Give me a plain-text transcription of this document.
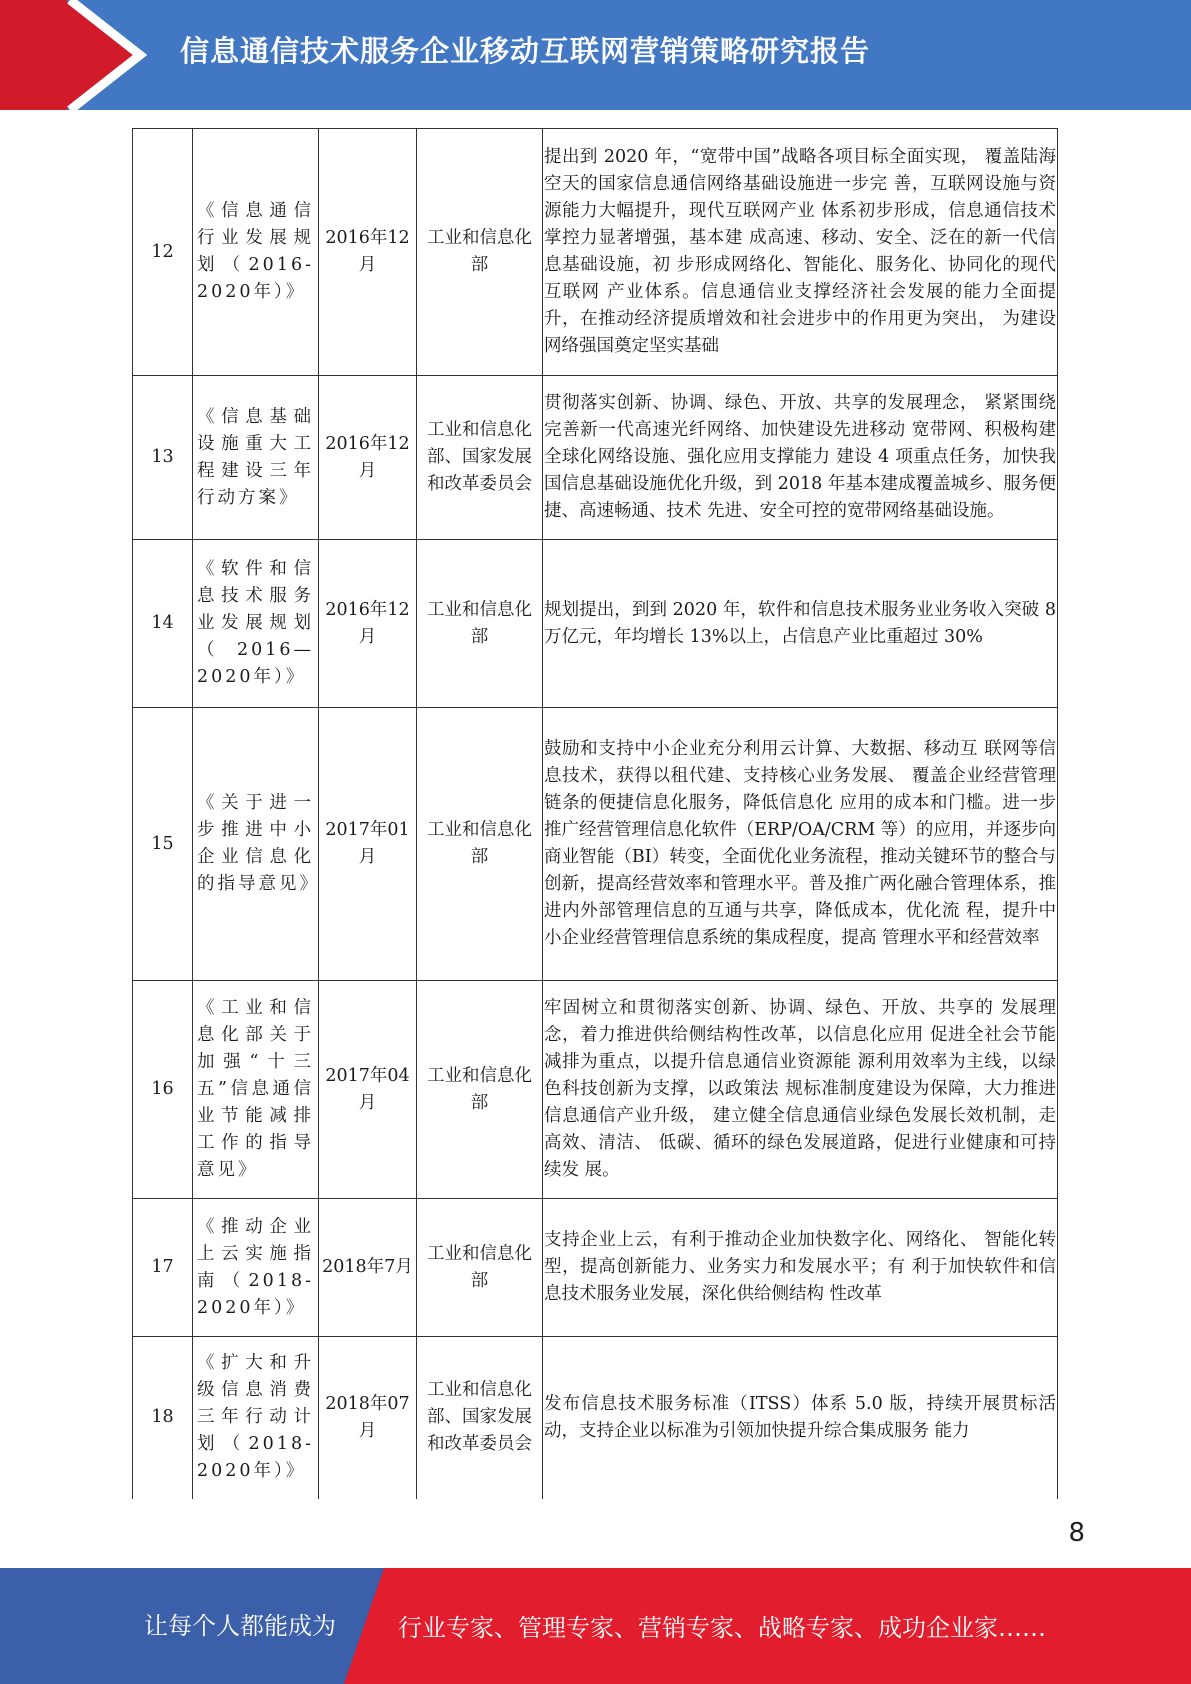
信息通信技术服务企业移动互联网营销策略研究报告
12	《信息通信行业发展规划（2016-2020年）》	2016年12月	工业和信息化部	提出到 2020 年，“宽带中国”战略各项目标全面实现， 覆盖陆海空天的国家信息通信网络基础设施进一步完 善，互联网设施与资源能力大幅提升，现代互联网产业 体系初步形成，信息通信技术掌控力显著增强，基本建 成高速、移动、安全、泛在的新一代信息基础设施，初 步形成网络化、智能化、服务化、协同化的现代互联网 产业体系。信息通信业支撑经济社会发展的能力全面提 升，在推动经济提质增效和社会进步中的作用更为突出， 为建设网络强国奠定坚实基础
13	《信息基础设施重大工程建设三年行动方案》	2016年12月	工业和信息化部、国家发展和改革委员会	贯彻落实创新、协调、绿色、开放、共享的发展理念， 紧紧围绕完善新一代高速光纤网络、加快建设先进移动 宽带网、积极构建全球化网络设施、强化应用支撑能力 建设 4 项重点任务，加快我国信息基础设施优化升级，到 2018 年基本建成覆盖城乡、服务便捷、高速畅通、技术 先进、安全可控的宽带网络基础设施。
14	《软件和信息技术服务业发展规划（2016—2020年）》	2016年12月	工业和信息化部	规划提出，到到 2020 年，软件和信息技术服务业业务收入突破 8 万亿元，年均增长 13%以上，占信息产业比重超过 30%
15	《关于进一步推进中小企业信息化的指导意见》	2017年01月	工业和信息化部	鼓励和支持中小企业充分利用云计算、大数据、移动互 联网等信息技术，获得以租代建、支持核心业务发展、 覆盖企业经营管理链条的便捷信息化服务，降低信息化 应用的成本和门槛。进一步推广经营管理信息化软件（ERP/OA/CRM 等）的应用，并逐步向商业智能（BI）转变，全面优化业务流程，推动关键环节的整合与创新，提高经营效率和管理水平。普及推广两化融合管理体系，推进内外部管理信息的互通与共享，降低成本，优化流 程，提升中小企业经营管理信息系统的集成程度，提高 管理水平和经营效率
16	《工业和信息化部关于加强“十三五”信息通信业节能减排工作的指导意见》	2017年04月	工业和信息化部	牢固树立和贯彻落实创新、协调、绿色、开放、共享的 发展理念，着力推进供给侧结构性改革，以信息化应用 促进全社会节能减排为重点，以提升信息通信业资源能 源利用效率为主线，以绿色科技创新为支撑，以政策法 规标准制度建设为保障，大力推进信息通信产业升级， 建立健全信息通信业绿色发展长效机制，走高效、清洁、 低碳、循环的绿色发展道路，促进行业健康和可持续发 展。
17	《推动企业上云实施指南（2018-2020年）》	2018年7月	工业和信息化部	支持企业上云，有利于推动企业加快数字化、网络化、 智能化转型，提高创新能力、业务实力和发展水平；有 利于加快软件和信息技术服务业发展，深化供给侧结构 性改革
18	《扩大和升级信息消费三年行动计划（2018-2020年）》	2018年07月	工业和信息化部、国家发展和改革委员会	发布信息技术服务标准（ITSS）体系 5.0 版，持续开展贯标活动，支持企业以标准为引领加快提升综合集成服务 能力
8
让每个人都能成为	行业专家、管理专家、营销专家、战略专家、成功企业家……
